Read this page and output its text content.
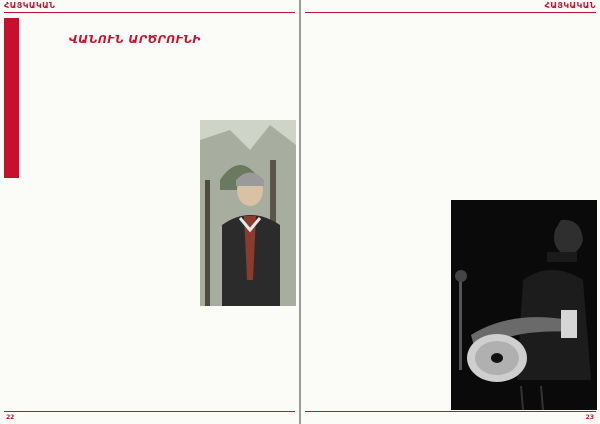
ՀԱՅԿԱԿԱՆ
ՎԱՆՈՒՆ ԱՐԾՐՈՒՆԻ
22
ՀԱՅԿԱԿԱՆ
23
